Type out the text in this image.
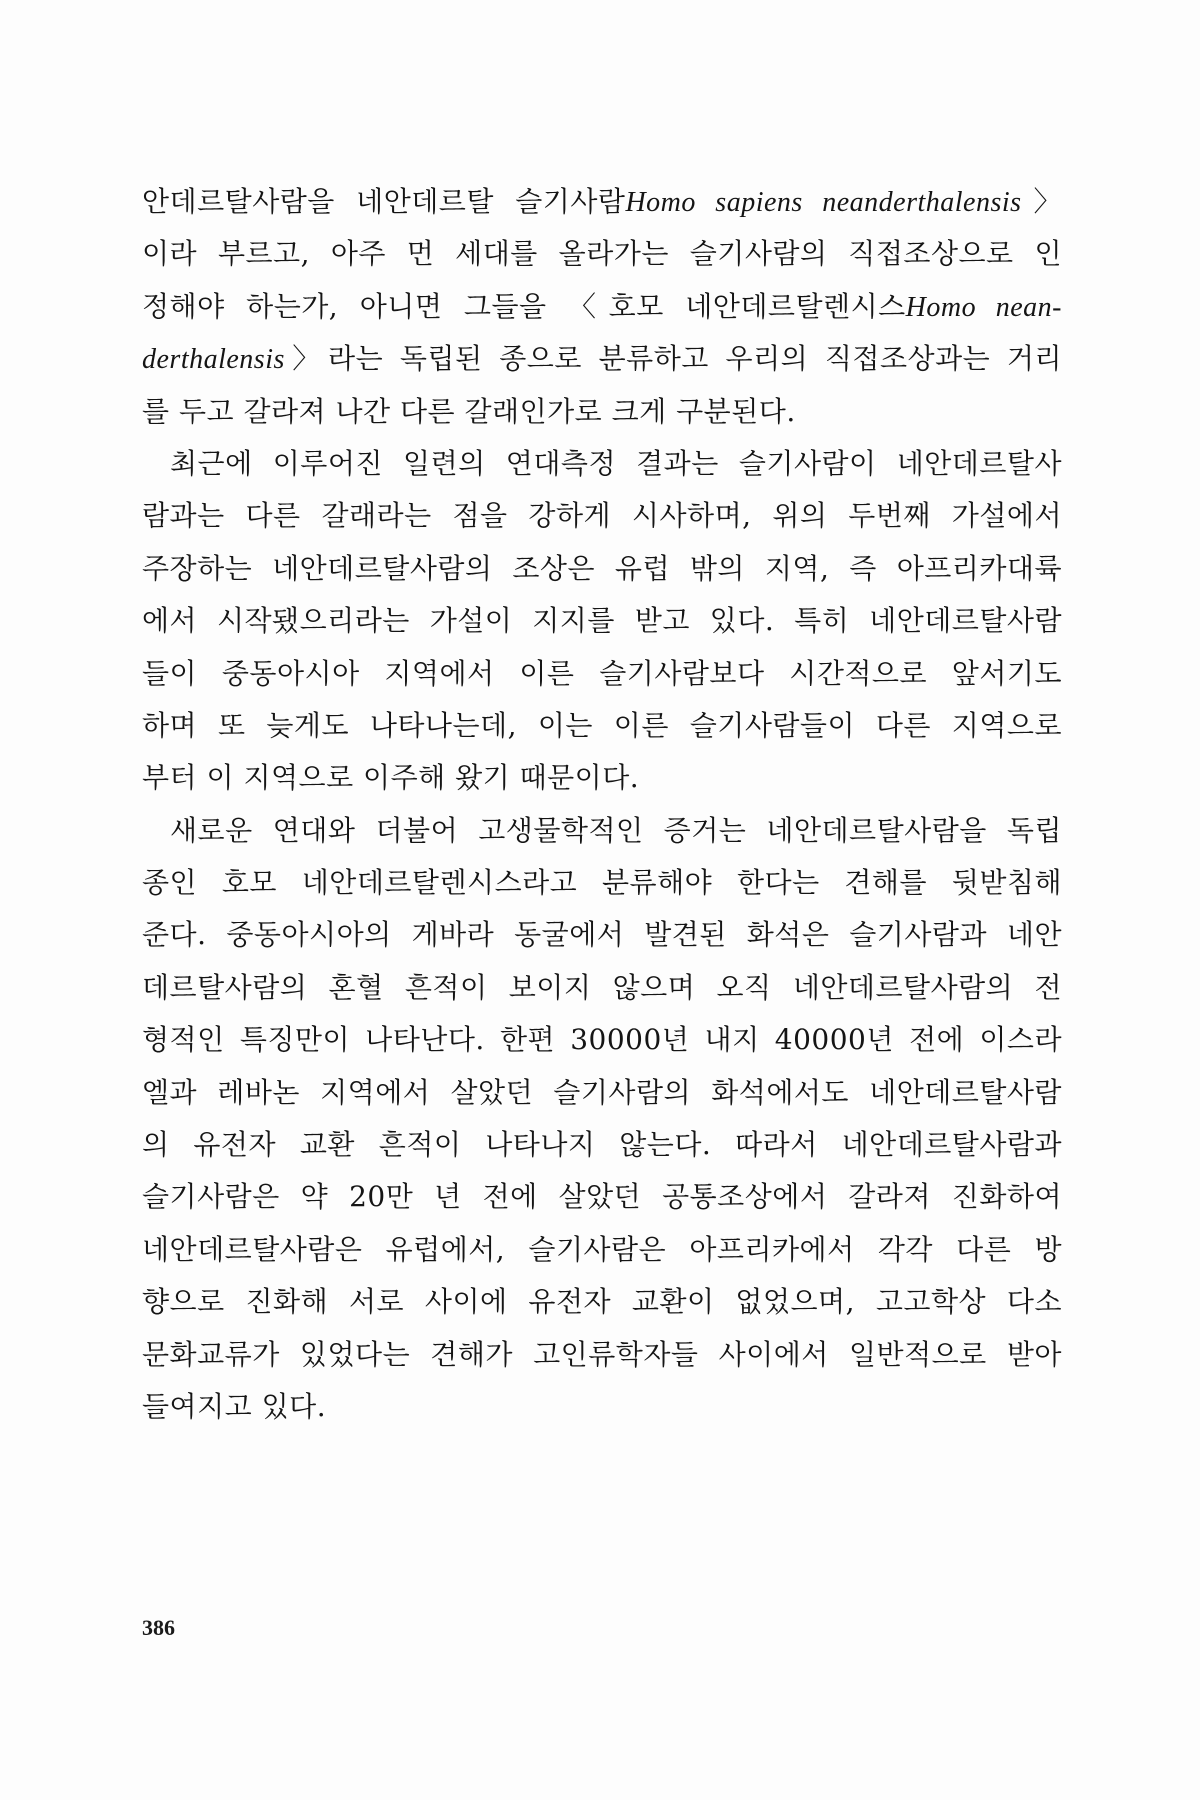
안데르탈사람을 네안데르탈 슬기사람Homo sapiens neanderthalensis〉
이라 부르고, 아주 먼 세대를 올라가는 슬기사람의 직접조상으로 인
정해야 하는가, 아니면 그들을 〈호모 네안데르탈렌시스Homo nean-
derthalensis〉라는 독립된 종으로 분류하고 우리의 직접조상과는 거리
를 두고 갈라져 나간 다른 갈래인가로 크게 구분된다.
최근에 이루어진 일련의 연대측정 결과는 슬기사람이 네안데르탈사
람과는 다른 갈래라는 점을 강하게 시사하며, 위의 두번째 가설에서
주장하는 네안데르탈사람의 조상은 유럽 밖의 지역, 즉 아프리카대륙
에서 시작됐으리라는 가설이 지지를 받고 있다. 특히 네안데르탈사람
들이 중동아시아 지역에서 이른 슬기사람보다 시간적으로 앞서기도
하며 또 늦게도 나타나는데, 이는 이른 슬기사람들이 다른 지역으로
부터 이 지역으로 이주해 왔기 때문이다.
새로운 연대와 더불어 고생물학적인 증거는 네안데르탈사람을 독립
종인 호모 네안데르탈렌시스라고 분류해야 한다는 견해를 뒷받침해
준다. 중동아시아의 게바라 동굴에서 발견된 화석은 슬기사람과 네안
데르탈사람의 혼혈 흔적이 보이지 않으며 오직 네안데르탈사람의 전
형적인 특징만이 나타난다. 한편 30000년 내지 40000년 전에 이스라
엘과 레바논 지역에서 살았던 슬기사람의 화석에서도 네안데르탈사람
의 유전자 교환 흔적이 나타나지 않는다. 따라서 네안데르탈사람과
슬기사람은 약 20만 년 전에 살았던 공통조상에서 갈라져 진화하여
네안데르탈사람은 유럽에서, 슬기사람은 아프리카에서 각각 다른 방
향으로 진화해 서로 사이에 유전자 교환이 없었으며, 고고학상 다소
문화교류가 있었다는 견해가 고인류학자들 사이에서 일반적으로 받아
들여지고 있다.
386
